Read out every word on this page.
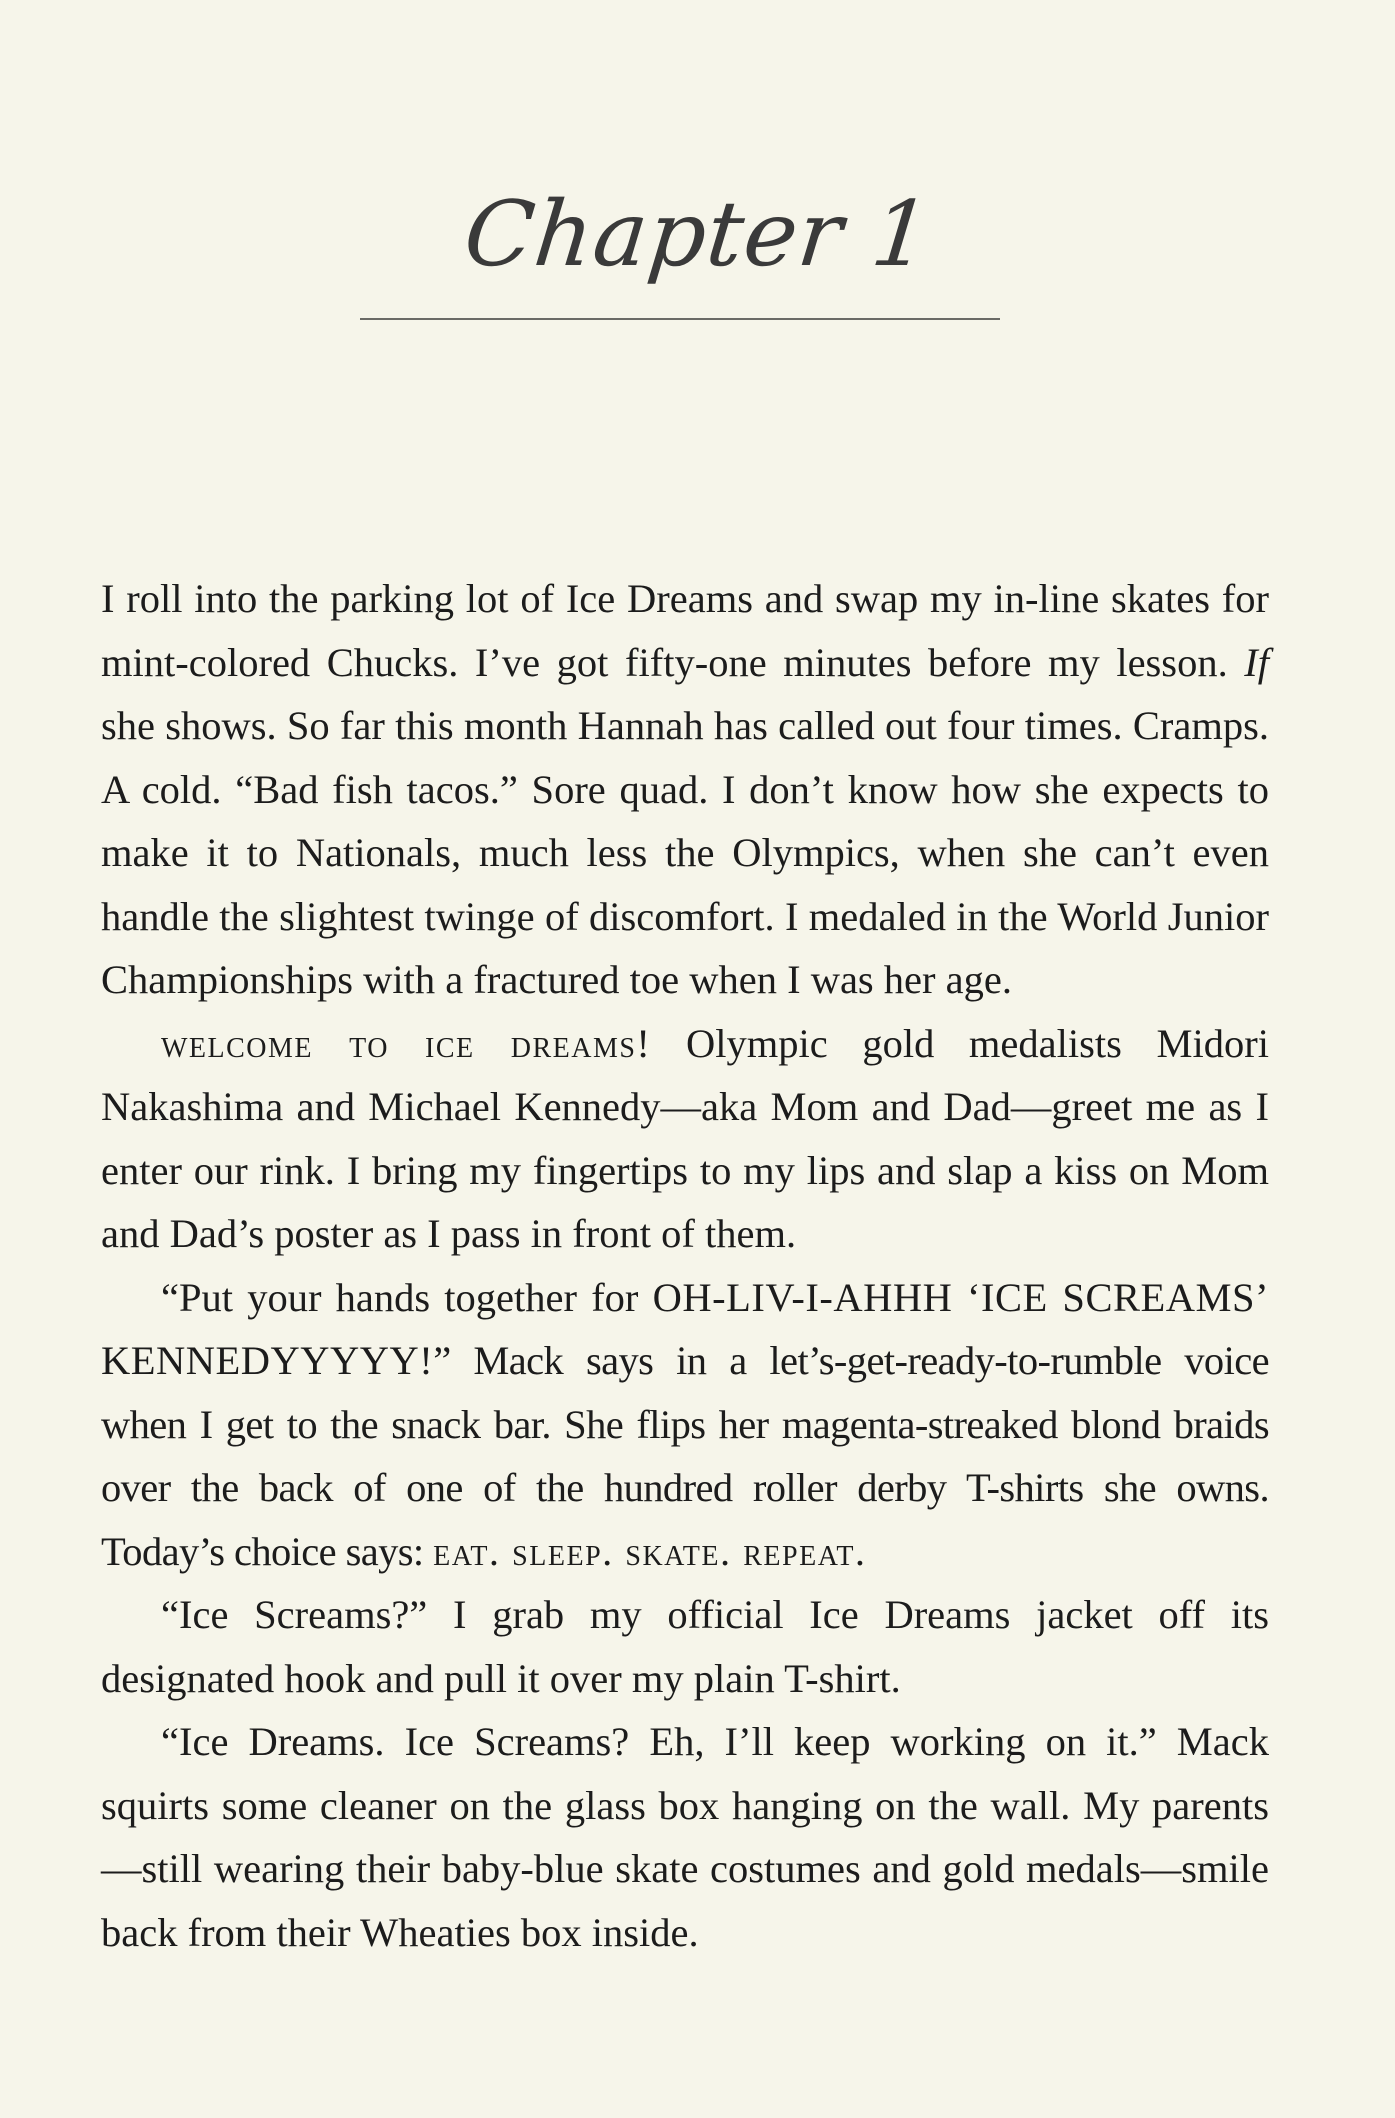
Chapter 1

I roll into the parking lot of Ice Dreams and swap my in-line skates for mint-colored Chucks. I’ve got fifty-one minutes before my lesson. If she shows. So far this month Hannah has called out four times. Cramps. A cold. “Bad fish tacos.” Sore quad. I don’t know how she expects to make it to Nationals, much less the Olympics, when she can’t even handle the slightest twinge of discomfort. I medaled in the World Junior Championships with a fractured toe when I was her age.

welcome to ice dreams! Olympic gold medalists Midori Nakashima and Michael Kennedy—aka Mom and Dad—greet me as I enter our rink. I bring my fingertips to my lips and slap a kiss on Mom and Dad’s poster as I pass in front of them.

“Put your hands together for OH-LIV-I-AHHH ‘ICE SCREAMS’ KENNEDYYYYY!” Mack says in a let’s-get-ready-to-rumble voice when I get to the snack bar. She flips her magenta-streaked blond braids over the back of one of the hundred roller derby T-shirts she owns. Today’s choice says: eat. sleep. skate. repeat.

“Ice Screams?” I grab my official Ice Dreams jacket off its designated hook and pull it over my plain T-shirt.

“Ice Dreams. Ice Screams? Eh, I’ll keep working on it.” Mack squirts some cleaner on the glass box hanging on the wall. My parents—still wearing their baby-blue skate costumes and gold medals—smile back from their Wheaties box inside.
